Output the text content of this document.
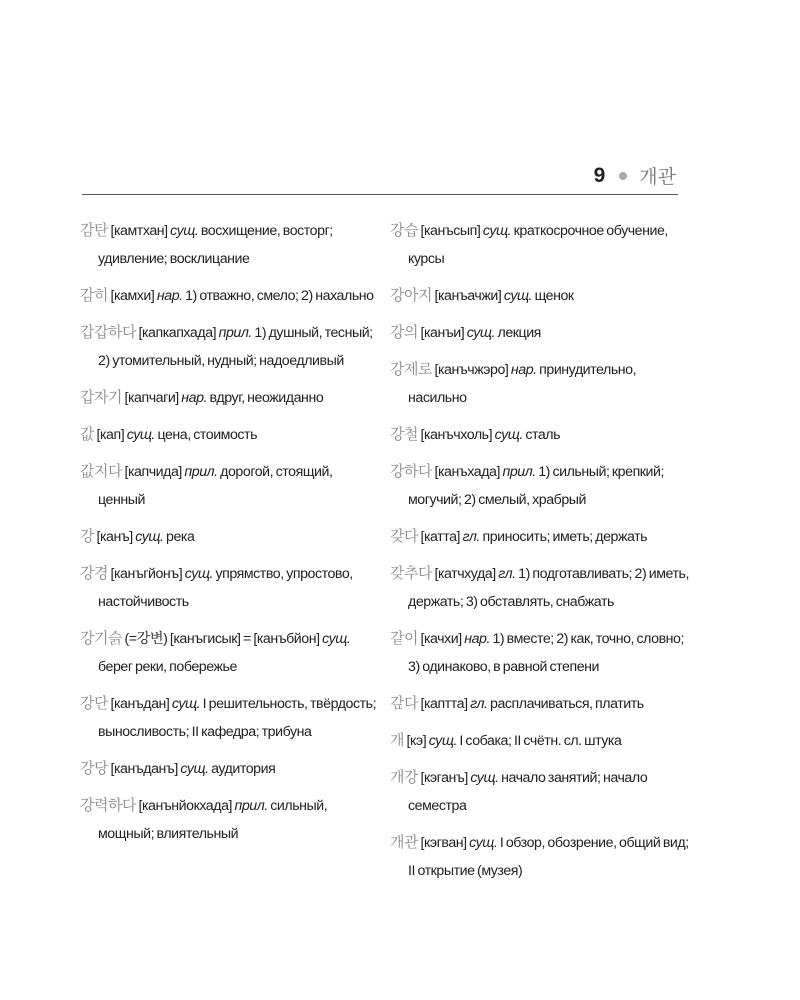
9 개관
감탄 [камтхан] сущ. восхищение, восторг; удивление; восклицание
감히 [камхи] нар. 1) отважно, смело; 2) нахально
갑갑하다 [капкапхада] прил. 1) душный, тесный; 2) утомительный, нудный; надоедливый
갑자기 [капчаги] нар. вдруг, неожиданно
값 [кап] сущ. цена, стоимость
값지다 [капчида] прил. дорогой, стоящий, ценный
강 [канъ] сущ. река
강경 [канъгйонъ] сущ. упрямство, упростово, настойчивость
강기슭 (=강변) [канъгисык] = [канъбйон] сущ. берег реки, побережье
강단 [канъдан] сущ. I решительность, твёрдость; выносливость; II кафедра; трибуна
강당 [канъданъ] сущ. аудитория
강력하다 [канънйокхада] прил. сильный, мощный; влиятельный
강습 [канъсып] сущ. краткосрочное обучение, курсы
강아지 [канъачжи] сущ. щенок
강의 [канъи] сущ. лекция
강제로 [канъчжэро] нар. принудительно, насильно
강철 [канъчхоль] сущ. сталь
강하다 [канъхада] прил. 1) сильный; крепкий; могучий; 2) смелый, храбрый
갖다 [катта] гл. приносить; иметь; держать
갖추다 [катчхуда] гл. 1) подготавливать; 2) иметь, держать; 3) обставлять, снабжать
같이 [качхи] нар. 1) вместе; 2) как, точно, словно; 3) одинаково, в равной степени
갚다 [каптта] гл. расплачиваться, платить
개 [кэ] сущ. I собака; II счётн. сл. штука
개강 [кэганъ] сущ. начало занятий; начало семестра
개관 [кэгван] сущ. I обзор, обозрение, общий вид; II открытие (музея)
